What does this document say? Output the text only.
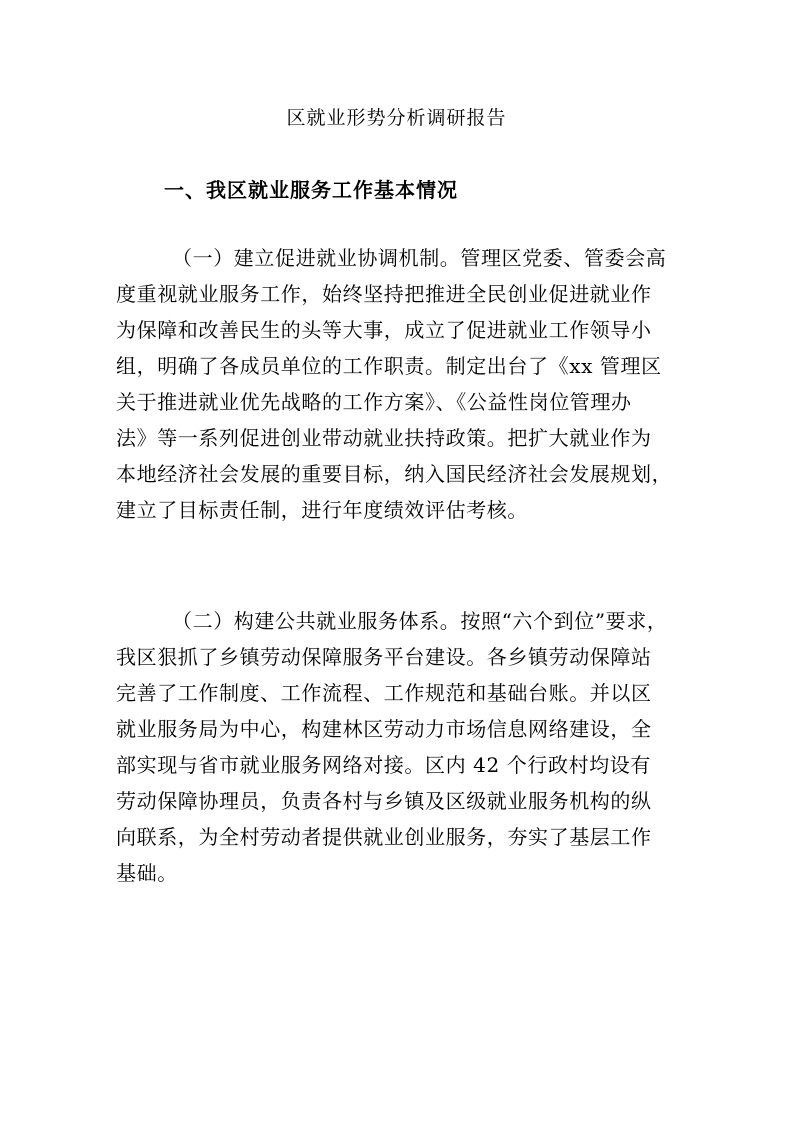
区就业形势分析调研报告
一、我区就业服务工作基本情况
（一）建立促进就业协调机制。管理区党委、管委会高
度重视就业服务工作，始终坚持把推进全民创业促进就业作
为保障和改善民生的头等大事，成立了促进就业工作领导小
组，明确了各成员单位的工作职责。制定出台了《xx 管理区
关于推进就业优先战略的工作方案》、《公益性岗位管理办
法》等一系列促进创业带动就业扶持政策。把扩大就业作为
本地经济社会发展的重要目标，纳入国民经济社会发展规划，
建立了目标责任制，进行年度绩效评估考核。
（二）构建公共就业服务体系。按照“六个到位”要求，
我区狠抓了乡镇劳动保障服务平台建设。各乡镇劳动保障站
完善了工作制度、工作流程、工作规范和基础台账。并以区
就业服务局为中心，构建林区劳动力市场信息网络建设，全
部实现与省市就业服务网络对接。区内 42 个行政村均设有
劳动保障协理员，负责各村与乡镇及区级就业服务机构的纵
向联系，为全村劳动者提供就业创业服务，夯实了基层工作
基础。
